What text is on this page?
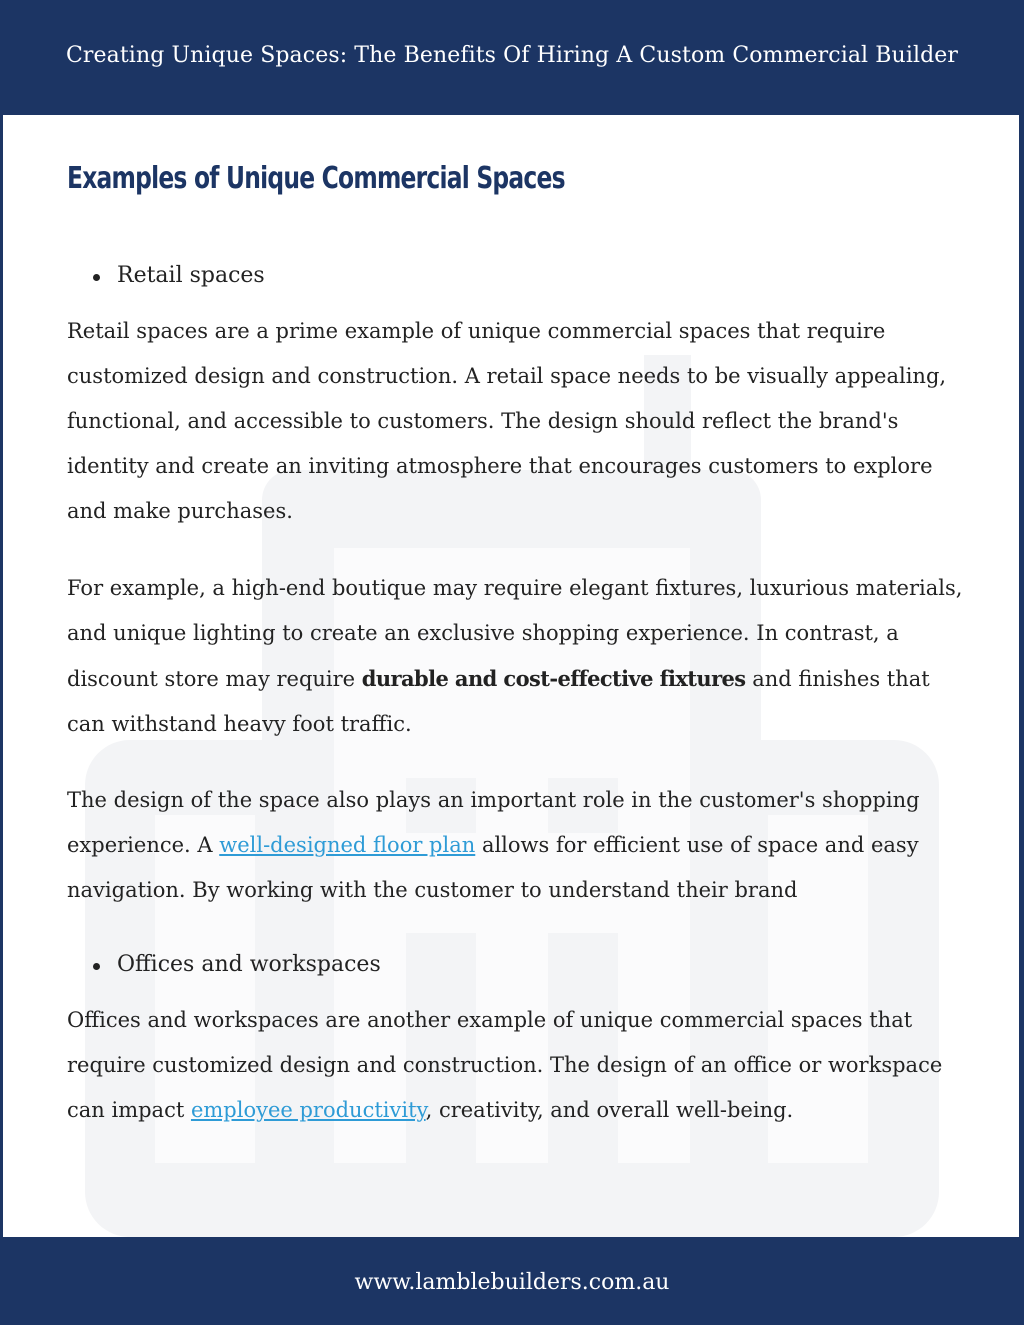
Creating Unique Spaces: The Benefits Of Hiring A Custom Commercial Builder
Examples of Unique Commercial Spaces

Retail spaces

Retail spaces are a prime example of unique commercial spaces that require customized design and construction. A retail space needs to be visually appealing, functional, and accessible to customers. The design should reflect the brand's identity and create an inviting atmosphere that encourages customers to explore and make purchases.

For example, a high-end boutique may require elegant fixtures, luxurious materials, and unique lighting to create an exclusive shopping experience. In contrast, a discount store may require durable and cost-effective fixtures and finishes that can withstand heavy foot traffic.

The design of the space also plays an important role in the customer's shopping experience. A well-designed floor plan allows for efficient use of space and easy navigation. By working with the customer to understand their brand

Offices and workspaces

Offices and workspaces are another example of unique commercial spaces that require customized design and construction. The design of an office or workspace can impact employee productivity, creativity, and overall well-being.

www.lamblebuilders.com.au
